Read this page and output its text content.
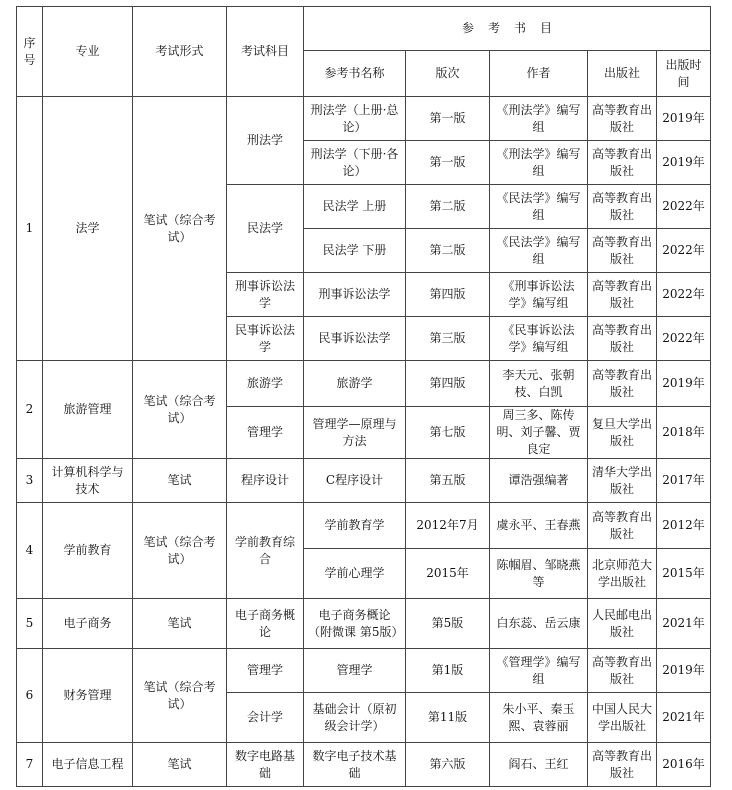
序号	专业	考试形式	考试科目	参考书目				
				参考书名称	版次	作者	出版社	出版时间
1	法学	笔试（综合考试）	刑法学	刑法学（上册·总论）	第一版	《刑法学》编写组	高等教育出版社	2019年
				刑法学（下册·各论）	第一版	《刑法学》编写组	高等教育出版社	2019年
			民法学	民法学 上册	第二版	《民法学》编写组	高等教育出版社	2022年
				民法学 下册	第二版	《民法学》编写组	高等教育出版社	2022年
			刑事诉讼法学	刑事诉讼法学	第四版	《刑事诉讼法学》编写组	高等教育出版社	2022年
			民事诉讼法学	民事诉讼法学	第三版	《民事诉讼法学》编写组	高等教育出版社	2022年
2	旅游管理	笔试（综合考试）	旅游学	旅游学	第四版	李天元、张朝枝、白凯	高等教育出版社	2019年
			管理学	管理学—原理与方法	第七版	周三多、陈传明、刘子馨、贾良定	复旦大学出版社	2018年
3	计算机科学与技术	笔试	程序设计	C程序设计	第五版	谭浩强编著	清华大学出版社	2017年
4	学前教育	笔试（综合考试）	学前教育综合	学前教育学	2012年7月	虞永平、王春燕	高等教育出版社	2012年
				学前心理学	2015年	陈帼眉、邹晓燕等	北京师范大学出版社	2015年
5	电子商务	笔试	电子商务概论	电子商务概论（附微课 第5版）	第5版	白东蕊、岳云康	人民邮电出版社	2021年
6	财务管理	笔试（综合考试）	管理学	管理学	第1版	《管理学》编写组	高等教育出版社	2019年
			会计学	基础会计（原初级会计学）	第11版	朱小平、秦玉熙、袁蓉丽	中国人民大学出版社	2021年
7	电子信息工程	笔试	数字电路基础	数字电子技术基础	第六版	阎石、王红	高等教育出版社	2016年
